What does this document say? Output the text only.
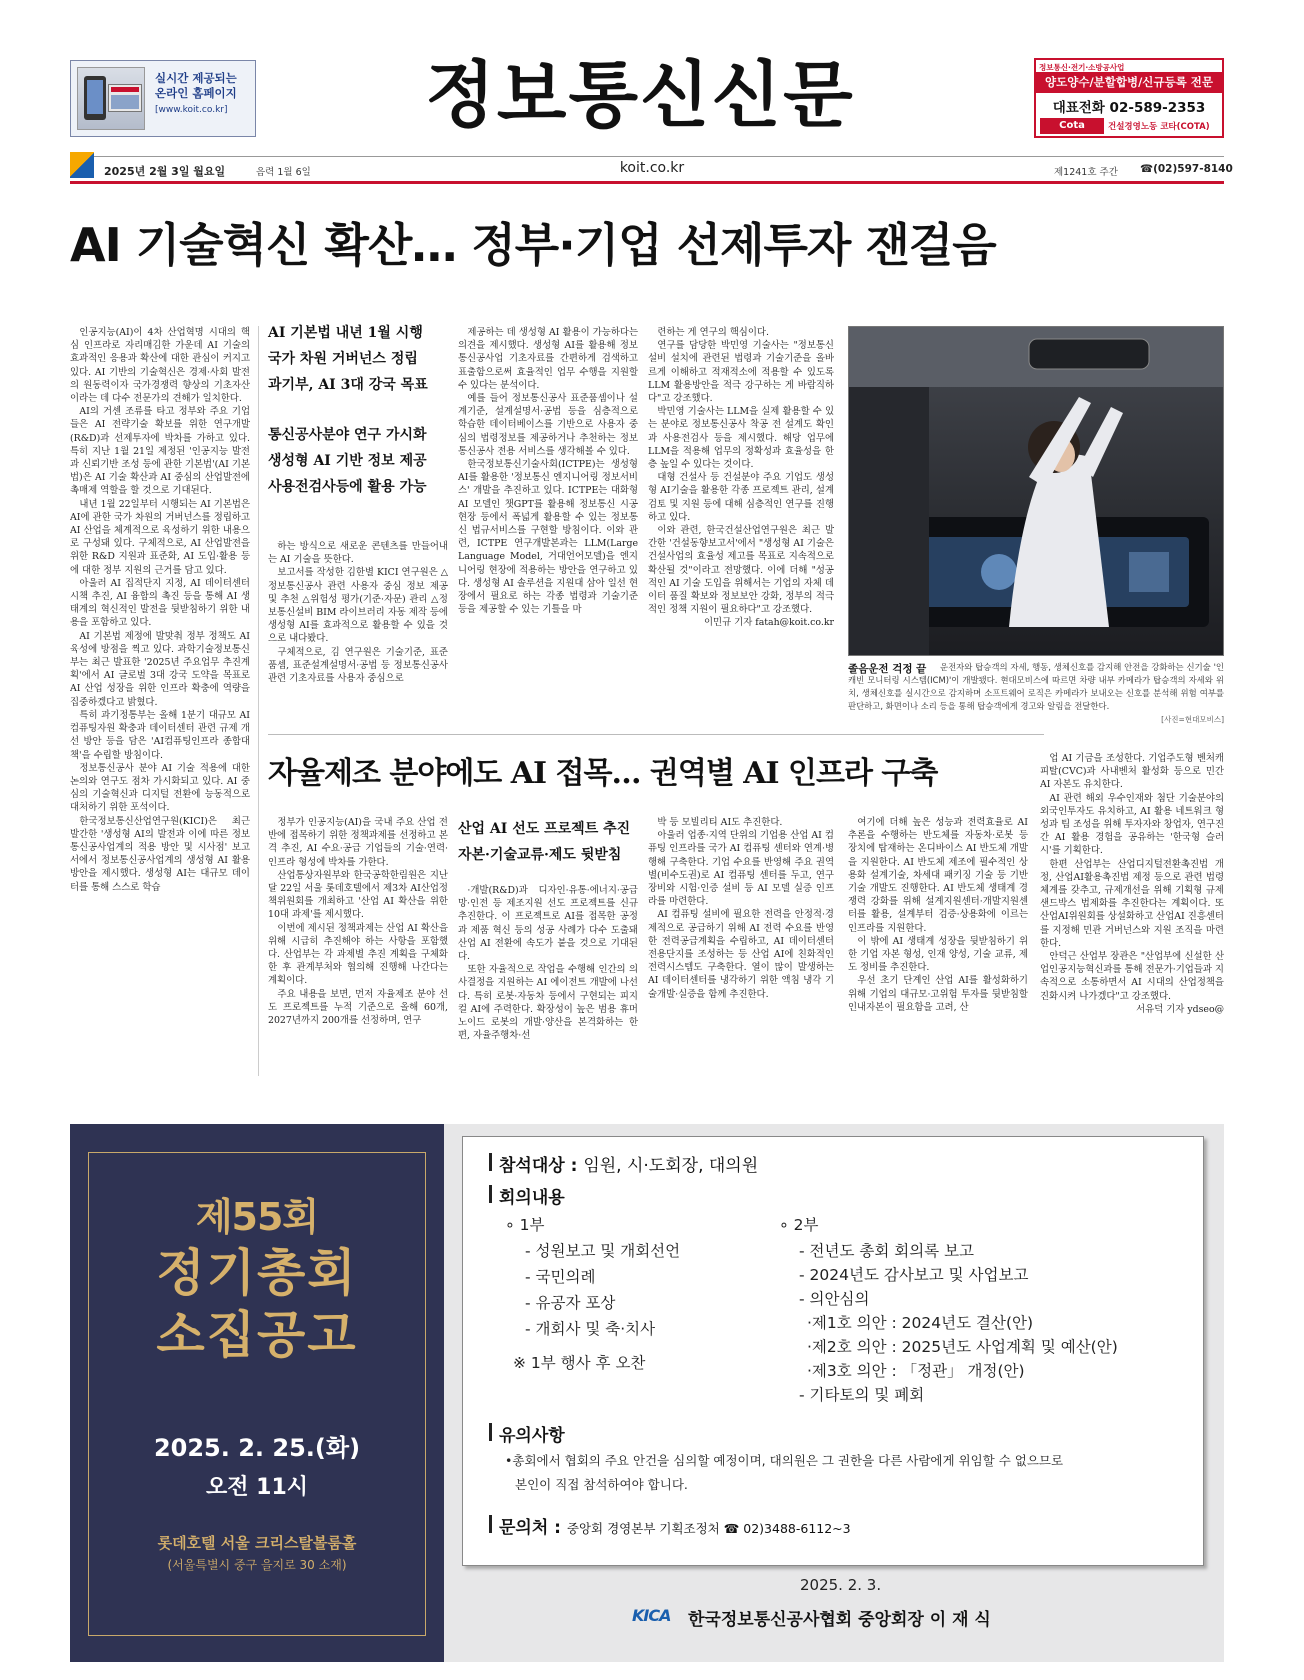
실시간 제공되는
온라인 홈페이지
[www.koit.co.kr]	정보통신신문	정보통신·전기·소방공사업
양도양수/분할합병/신규등록 전문
대표전화 02-589-2353
Cota	건설경영노동 코타(COTA)
2025년 2월 3일 월요일	음력 1월 6일	koit.co.kr	제1241호 주간 ☎(02)597-8140
AI 기술혁신 확산… 정부·기업 선제투자 잰걸음

인공지능(AI)이 4차 산업혁명 시대의 핵심 인프라로 자리매김한 가운데 AI 기술의 효과적인 응용과 확산에 대한 관심이 커지고 있다. AI 기반의 기술혁신은 경제·사회 발전의 원동력이자 국가경쟁력 향상의 기초자산이라는 데 다수 전문가의 견해가 일치한다.

AI의 거센 조류를 타고 정부와 주요 기업들은 AI 전략기술 확보를 위한 연구개발(R&D)과 선제투자에 박차를 가하고 있다. 특히 지난 1월 21일 제정된 '인공지능 발전과 신뢰기반 조성 등에 관한 기본법'(AI 기본법)은 AI 기술 확산과 AI 중심의 산업발전에 촉매제 역할을 할 것으로 기대된다.

내년 1월 22일부터 시행되는 AI 기본법은 AI에 관한 국가 차원의 거버넌스를 정립하고 AI 산업을 체계적으로 육성하기 위한 내용으로 구성돼 있다. 구체적으로, AI 산업발전을 위한 R&D 지원과 표준화, AI 도입·활용 등에 대한 정부 지원의 근거를 담고 있다.

아울러 AI 집적단지 지정, AI 데이터센터 시책 추진, AI 융합의 촉진 등을 통해 AI 생태계의 혁신적인 발전을 뒷받침하기 위한 내용을 포함하고 있다.

AI 기본법 제정에 발맞춰 정부 정책도 AI 육성에 방점을 찍고 있다. 과학기술정보통신부는 최근 발표한 '2025년 주요업무 추진계획'에서 AI 글로벌 3대 강국 도약을 목표로 AI 산업 성장을 위한 인프라 확충에 역량을 집중하겠다고 밝혔다.

특히 과기정통부는 올해 1분기 대규모 AI컴퓨팅자원 확충과 데이터센터 관련 규제 개선 방안 등을 담은 'AI컴퓨팅인프라 종합대책'을 수립할 방침이다.

정보통신공사 분야 AI 기술 적용에 대한 논의와 연구도 점차 가시화되고 있다. AI 중심의 기술혁신과 디지털 전환에 능동적으로 대처하기 위한 포석이다.

한국정보통신산업연구원(KICI)은 최근 발간한 '생성형 AI의 발전과 이에 따른 정보통신공사업계의 적용 방안 및 시사점' 보고서에서 정보통신공사업계의 생성형 AI 활용방안을 제시했다. 생성형 AI는 대규모 데이터를 통해 스스로 학습

AI 기본법 내년 1월 시행
국가 차원 거버넌스 정립
과기부, AI 3대 강국 목표
통신공사분야 연구 가시화
생성형 AI 기반 정보 제공
사용전검사등에 활용 가능

하는 방식으로 새로운 콘텐츠를 만들어내는 AI 기술을 뜻한다.

보고서를 작성한 김한별 KICI 연구원은 △정보통신공사 관련 사용자 중심 정보 제공 및 추천 △위험성 평가(기준·자문) 관리 △정보통신설비 BIM 라이브러리 자동 제작 등에 생성형 AI를 효과적으로 활용할 수 있을 것으로 내다봤다.

구체적으로, 김 연구원은 기술기준, 표준품셈, 표준설계설명서·공법 등 정보통신공사 관련 기초자료를 사용자 중심으로

제공하는 데 생성형 AI 활용이 가능하다는 의견을 제시했다. 생성형 AI를 활용해 정보통신공사업 기초자료를 간편하게 검색하고 표출함으로써 효율적인 업무 수행을 지원할 수 있다는 분석이다.

예를 들어 정보통신공사 표준품셈이나 설계기준, 설계설명서·공법 등을 심층적으로 학습한 데이터베이스를 기반으로 사용자 중심의 법령정보를 제공하거나 추천하는 정보통신공사 전용 서비스를 생각해볼 수 있다.

한국정보통신기술사회(ICTPE)는 생성형 AI를 활용한 '정보통신 엔지니어링 정보서비스' 개발을 추진하고 있다. ICTPE는 대화형 AI 모델인 챗GPT를 활용해 정보통신 시공현장 등에서 폭넓게 활용할 수 있는 정보통신 법규서비스를 구현할 방침이다. 이와 관련, ICTPE 연구개발본과는 LLM(Large Language Model, 거대언어모델)을 엔지니어링 현장에 적용하는 방안을 연구하고 있다. 생성형 AI 솔루션을 지원대 삼아 일선 현장에서 필요로 하는 각종 법령과 기술기준 등을 제공할 수 있는 기틀을 마

련하는 게 연구의 핵심이다.

연구를 담당한 박민영 기술사는 "정보통신설비 설치에 관련된 법령과 기술기준을 올바르게 이해하고 적재적소에 적용할 수 있도록 LLM 활용방안을 적극 강구하는 게 바람직하다"고 강조했다.

박민영 기술사는 LLM을 실제 활용할 수 있는 분야로 정보통신공사 착공 전 설계도 확인과 사용전검사 등을 제시했다. 해당 업무에 LLM을 적용해 업무의 정확성과 효율성을 한층 높일 수 있다는 것이다.

대형 건설사 등 건설분야 주요 기업도 생성형 AI기술을 활용한 각종 프로젝트 관리, 설계 검토 및 지원 등에 대해 심층적인 연구를 진행하고 있다.

이와 관련, 한국건설산업연구원은 최근 발간한 '건설동향보고서'에서 "생성형 AI 기술은 건설사업의 효율성 제고를 목표로 지속적으로 확산될 것"이라고 전망했다. 이에 더해 "성공적인 AI 기술 도입을 위해서는 기업의 자체 데이터 품질 확보와 정보보안 강화, 정부의 적극적인 정책 지원이 필요하다"고 강조했다.

이민규 기자 fatah@koit.co.kr

졸음운전 걱정 끝	운전자와 탑승객의 자세, 행동, 생체신호를 감지해 안전을 강화하는 신기술 '인캐빈 모니터링 시스템(ICM)'이 개발됐다. 현대모비스에 따르면 차량 내부 카메라가 탑승객의 자세와 위치, 생체신호를 실시간으로 감지하며 소프트웨어 로직은 카메라가 보내오는 신호를 분석해 위험 여부를 판단하고, 화면이나 소리 등을 통해 탑승객에게 경고와 알림을 전달한다.
[사진=현대모비스]
자율제조 분야에도 AI 접목… 권역별 AI 인프라 구축

정부가 인공지능(AI)을 국내 주요 산업 전반에 접목하기 위한 정책과제를 선정하고 본격 추진, AI 수요·공급 기업들의 기술·연력·인프라 형성에 박차를 가한다.

산업통상자원부와 한국공학한림원은 지난달 22일 서울 롯데호텔에서 제3차 AI산업정책위원회를 개최하고 '산업 AI 확산을 위한 10대 과제'를 제시했다.

이번에 제시된 정책과제는 산업 AI 확산을 위해 시급히 추진해야 하는 사항을 포함했다. 산업부는 각 과제별 추진 계획을 구체화한 후 관계부처와 협의해 진행해 나간다는 계획이다.

주요 내용을 보면, 먼저 자율제조 분야 선도 프로젝트를 누적 기준으로 올해 60개, 2027년까지 200개를 선정하며, 연구

산업 AI 선도 프로젝트 추진
자본·기술교류·제도 뒷받침

·개발(R&D)과 디자인·유통·에너지·공급망·인전 등 제조지원 선도 프로젝트를 신규 추진한다. 이 프로젝트로 AI를 접목한 공정과 제품 혁신 등의 성공 사례가 다수 도출돼 산업 AI 전환에 속도가 붙을 것으로 기대된다.

또한 자율적으로 작업을 수행해 인간의 의사결정을 지원하는 AI 에이전트 개발에 나선다. 특히 로봇·자동차 등에서 구현되는 피지컬 AI에 주력한다. 확장성이 높은 범용 휴머노이드 로봇의 개발·양산을 본격화하는 한편, 자율주행차·선

박 등 모빌리티 AI도 추진한다.

아울러 업종·지역 단위의 기업용 산업 AI 컴퓨팅 인프라를 국가 AI 컴퓨팅 센터와 연계·병행해 구축한다. 기업 수요를 반영해 주요 권역별(비수도권)로 AI 컴퓨팅 센터를 두고, 연구 장비와 시험·인증 설비 등 AI 모델 실증 인프라를 마련한다.

AI 컴퓨팅 설비에 필요한 전력을 안정적·경제적으로 공급하기 위해 AI 전력 수요를 반영한 전력공급계획을 수립하고, AI 데이터센터 전용단지를 조성하는 등 산업 AI에 친화적인 전력시스템도 구축한다. 열이 많이 발생하는 AI 데이터센터를 냉각하기 위한 액침 냉각 기술개발·실증을 함께 추진한다.

여기에 더해 높은 성능과 전력효율로 AI 추론을 수행하는 반도체를 자동차·로봇 등 장치에 탑재하는 온디바이스 AI 반도체 개발을 지원한다. AI 반도체 제조에 필수적인 상용화 설계기술, 차세대 패키징 기술 등 기반기술 개발도 진행한다. AI 반도체 생태계 경쟁력 강화를 위해 설계지원센터·개발지원센터를 활용, 설계부터 검증·상용화에 이르는 인프라를 지원한다.

이 밖에 AI 생태계 성장을 뒷받침하기 위한 기업 자본 형성, 인재 양성, 기술 교류, 제도 정비를 추진한다.

우선 초기 단계인 산업 AI를 활성화하기 위해 기업의 대규모·고위험 투자를 뒷받침할 인내자본이 필요함을 고려, 산

업 AI 기금을 조성한다. 기업주도형 벤처캐피탈(CVC)과 사내벤처 활성화 등으로 민간 AI 자본도 유치한다.

AI 관련 해외 우수인재와 첨단 기술분야의 외국인투자도 유치하고, AI 활용 네트워크 형성과 팀 조성을 위해 투자자와 창업자, 연구진 간 AI 활용 경험을 공유하는 '한국형 슬러시'를 기획한다.

한편 산업부는 산업디지털전환촉진법 개정, 산업AI활용촉진법 제정 등으로 관련 법령 체계를 갖추고, 규제개선을 위해 기획형 규제샌드박스 법제화를 추진한다는 계획이다. 또 산업AI위원회를 상설화하고 산업AI 진흥센터를 지정해 민관 거버넌스와 지원 조직을 마련한다.

안덕근 산업부 장관은 "산업부에 신설한 산업인공지능혁신과를 통해 전문가·기업들과 지속적으로 소통하면서 AI 시대의 산업정책을 진화시켜 나가겠다"고 강조했다.

서유덕 기자 ydseo@

제55회
정기총회
소집공고
2025. 2. 25.(화)
오전 11시
롯데호텔 서울 크리스탈볼룸홀
(서울특별시 중구 을지로 30 소재)
참석대상 : 임원, 시·도회장, 대의원
회의내용
∘ 1부
- 성원보고 및 개회선언
- 국민의례
- 유공자 포상
- 개회사 및 축·치사
※ 1부 행사 후 오찬
∘ 2부
- 전년도 총회 회의록 보고
- 2024년도 감사보고 및 사업보고
- 의안심의
·제1호 의안 : 2024년도 결산(안)
·제2호 의안 : 2025년도 사업계획 및 예산(안)
·제3호 의안 : 「정관」 개정(안)
- 기타토의 및 폐회
유의사항
•총회에서 협회의 주요 안건을 심의할 예정이며, 대의원은 그 권한을 다른 사람에게 위임할 수 없으므로
본인이 직접 참석하여야 합니다.
문의처 : 중앙회 경영본부 기획조정처 ☎ 02)3488-6112~3
2025. 2. 3.
KICA	한국정보통신공사협회 중앙회장 이 재 식
